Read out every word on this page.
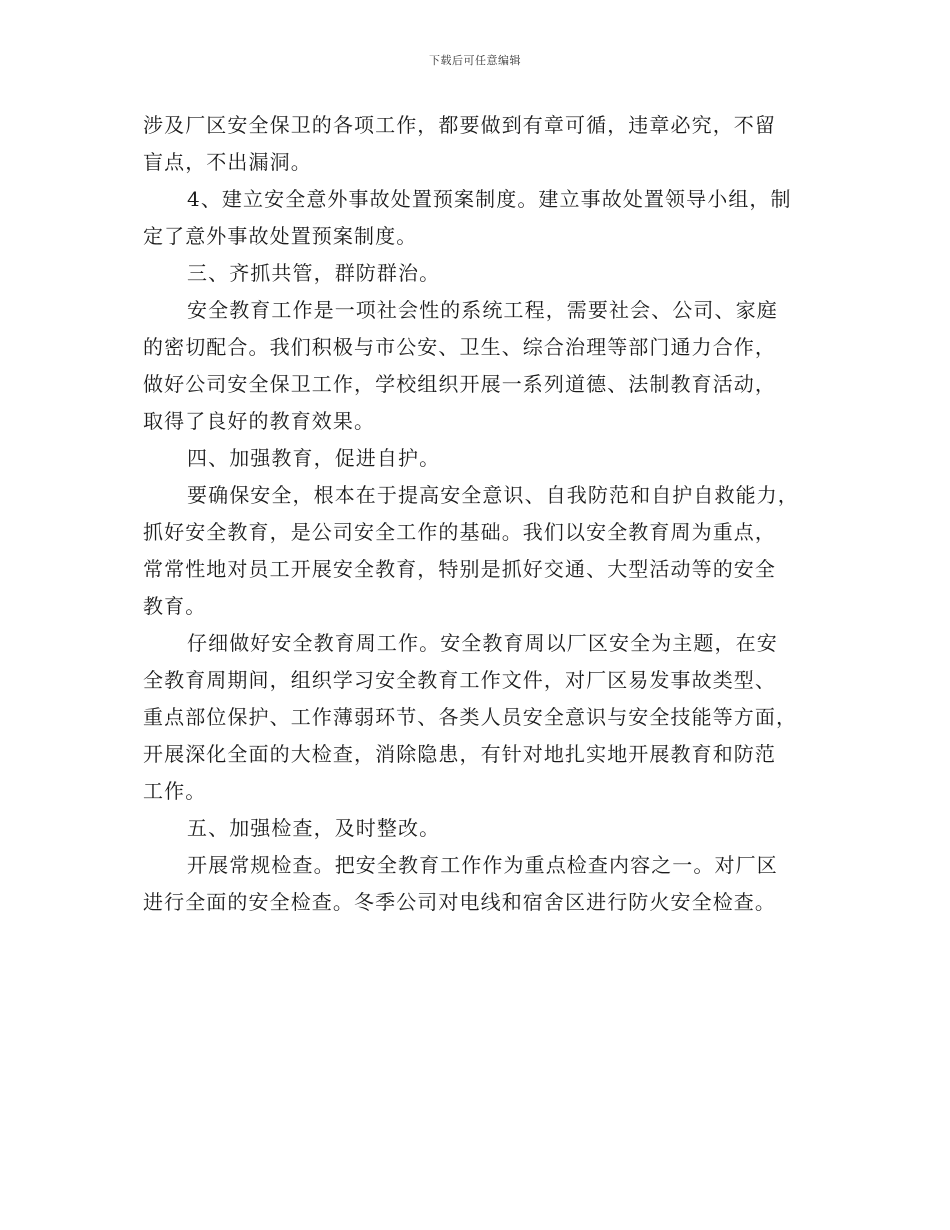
下载后可任意编辑
涉及厂区安全保卫的各项工作，都要做到有章可循，违章必究，不留
盲点，不出漏洞。
4、建立安全意外事故处置预案制度。建立事故处置领导小组，制
定了意外事故处置预案制度。
三、齐抓共管，群防群治。
安全教育工作是一项社会性的系统工程，需要社会、公司、家庭
的密切配合。我们积极与市公安、卫生、综合治理等部门通力合作，
做好公司安全保卫工作，学校组织开展一系列道德、法制教育活动，
取得了良好的教育效果。
四、加强教育，促进自护。
要确保安全，根本在于提高安全意识、自我防范和自护自救能力，
抓好安全教育，是公司安全工作的基础。我们以安全教育周为重点，
常常性地对员工开展安全教育，特别是抓好交通、大型活动等的安全
教育。
仔细做好安全教育周工作。安全教育周以厂区安全为主题，在安
全教育周期间，组织学习安全教育工作文件，对厂区易发事故类型、
重点部位保护、工作薄弱环节、各类人员安全意识与安全技能等方面，
开展深化全面的大检查，消除隐患，有针对地扎实地开展教育和防范
工作。
五、加强检查，及时整改。
开展常规检查。把安全教育工作作为重点检查内容之一。对厂区
进行全面的安全检查。冬季公司对电线和宿舍区进行防火安全检查。
